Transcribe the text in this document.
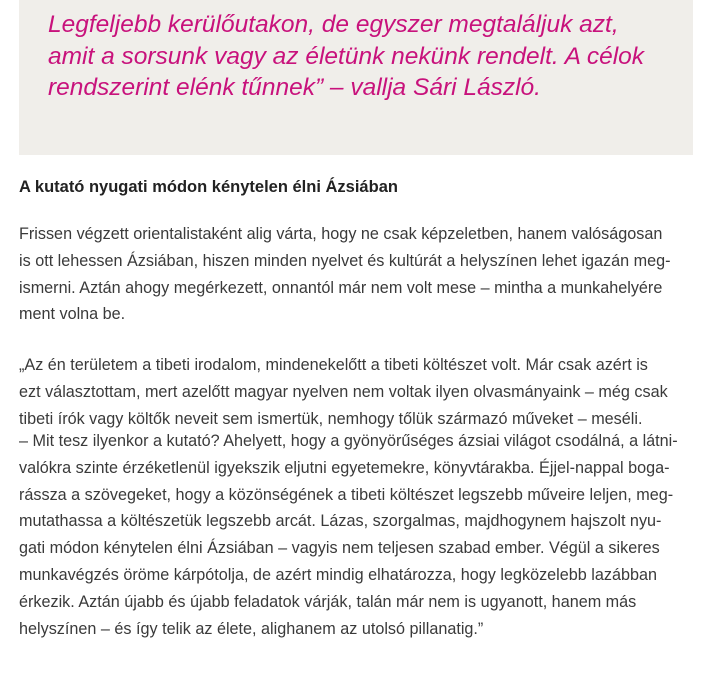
Legfeljebb kerülőutakon, de egyszer megtaláljuk azt,
amit a sorsunk vagy az életünk nekünk rendelt. A célok
rendszerint elénk tűnnek” – vallja Sári László.

A kutató nyugati módon kénytelen élni Ázsiában

Frissen végzett orientalistaként alig várta, hogy ne csak képzeletben, hanem valóságosan
is ott lehessen Ázsiában, hiszen minden nyelvet és kultúrát a helyszínen lehet igazán meg-
ismerni. Aztán ahogy megérkezett, onnantól már nem volt mese – mintha a munkahelyére
ment volna be.

„Az én területem a tibeti irodalom, mindenekelőtt a tibeti költészet volt. Már csak azért is
ezt választottam, mert azelőtt magyar nyelven nem voltak ilyen olvasmányaink – még csak
tibeti írók vagy költők neveit sem ismertük, nemhogy tőlük származó műveket – meséli.

– Mit tesz ilyenkor a kutató? Ahelyett, hogy a gyönyörűséges ázsiai világot csodálná, a látni-
valókra szinte érzéketlenül igyekszik eljutni egyetemekre, könyvtárakba. Éjjel-nappal boga-
rássza a szövegeket, hogy a közönségének a tibeti költészet legszebb műveire leljen, meg-
mutathassa a költészetük legszebb arcát. Lázas, szorgalmas, majdhogynem hajszolt nyu-
gati módon kénytelen élni Ázsiában – vagyis nem teljesen szabad ember. Végül a sikeres
munkavégzés öröme kárpótolja, de azért mindig elhatározza, hogy legközelebb lazábban
érkezik. Aztán újabb és újabb feladatok várják, talán már nem is ugyanott, hanem más
helyszínen – és így telik az élete, alighanem az utolsó pillanatig.”
